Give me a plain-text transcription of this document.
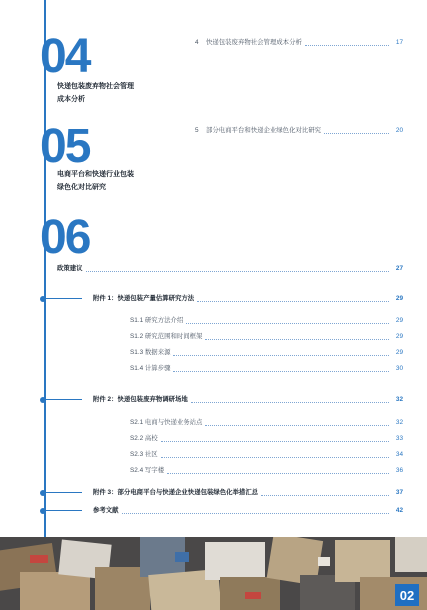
04
快递包装废弃物社会管理成本分析
05
电商平台和快递行业包装绿色化对比研究
06
4	快递包装废弃物社会管理成本分析	17
5	部分电商平台和快递企业绿色化对比研究	20
政策建议	27
附件 1：快递包装产量估算研究方法	29
S1.1 研究方法介绍	29
S1.2 研究范围和时间框架	29
S1.3 数据来源	29
S1.4 计算步骤	30
附件 2：快递包装废弃物调研场地	32
S2.1 电商与快递业务站点	32
S2.2 高校	33
S2.3 社区	34
S2.4 写字楼	36
附件 3：部分电商平台与快递企业快递包装绿色化举措汇总	37
参考文献	42
02
